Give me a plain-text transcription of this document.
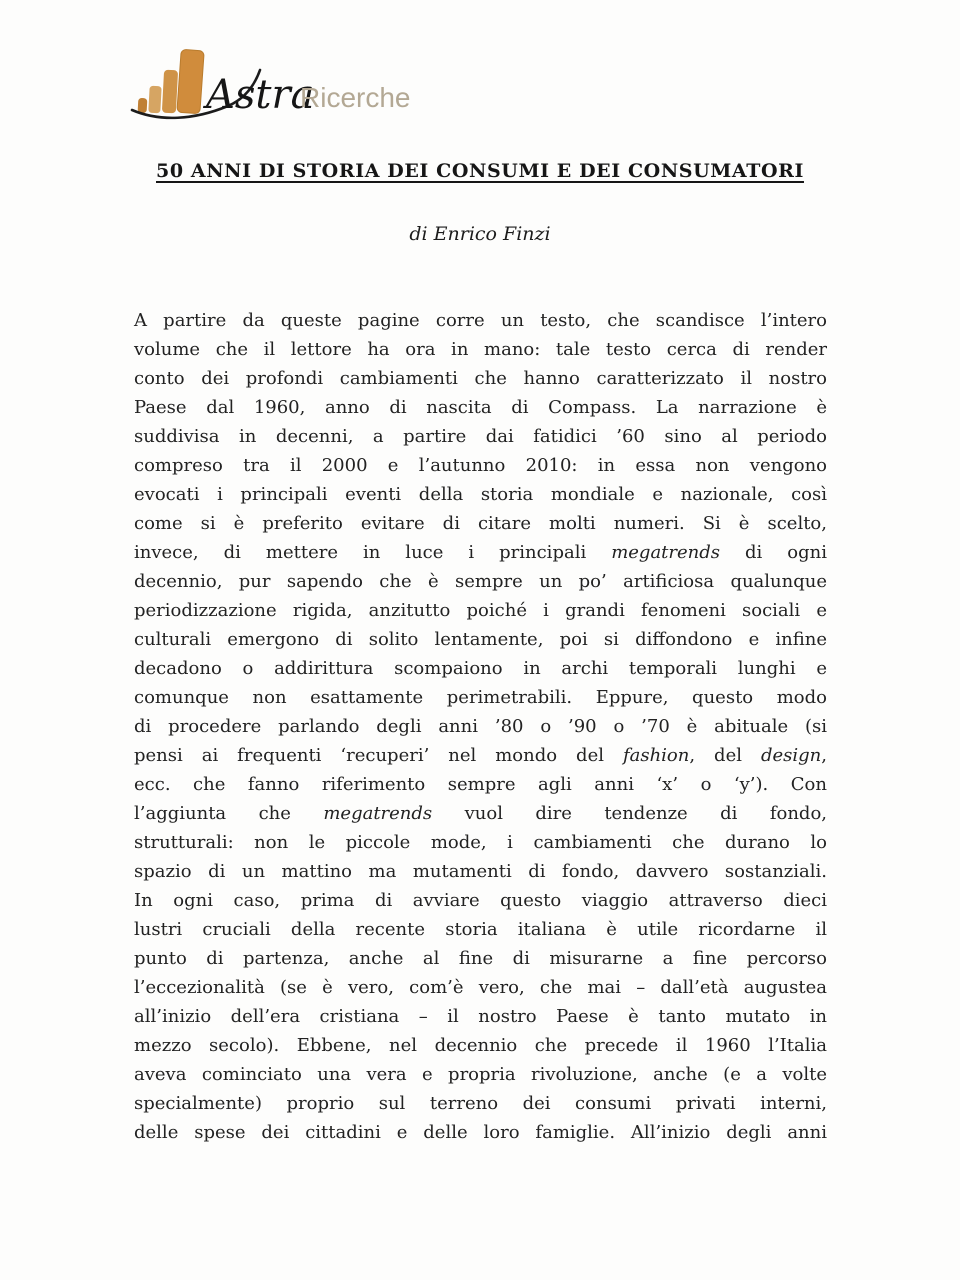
Astra
Ricerche
50 ANNI DI STORIA DEI CONSUMI E DEI CONSUMATORI
di Enrico Finzi
A partire da queste pagine corre un testo, che scandisce l’intero
volume che il lettore ha ora in mano: tale testo cerca di render
conto dei profondi cambiamenti che hanno caratterizzato il nostro
Paese dal 1960, anno di nascita di Compass. La narrazione è
suddivisa in decenni, a partire dai fatidici ’60 sino al periodo
compreso tra il 2000 e l’autunno 2010: in essa non vengono
evocati i principali eventi della storia mondiale e nazionale, così
come si è preferito evitare di citare molti numeri. Si è scelto,
invece, di mettere in luce i principali megatrends di ogni
decennio, pur sapendo che è sempre un po’ artificiosa qualunque
periodizzazione rigida, anzitutto poiché i grandi fenomeni sociali e
culturali emergono di solito lentamente, poi si diffondono e infine
decadono o addirittura scompaiono in archi temporali lunghi e
comunque non esattamente perimetrabili. Eppure, questo modo
di procedere parlando degli anni ’80 o ’90 o ’70 è abituale (si
pensi ai frequenti ‘recuperi’ nel mondo del fashion, del design,
ecc. che fanno riferimento sempre agli anni ‘x’ o ‘y’). Con
l’aggiunta che megatrends vuol dire tendenze di fondo,
strutturali: non le piccole mode, i cambiamenti che durano lo
spazio di un mattino ma mutamenti di fondo, davvero sostanziali.
In ogni caso, prima di avviare questo viaggio attraverso dieci
lustri cruciali della recente storia italiana è utile ricordarne il
punto di partenza, anche al fine di misurarne a fine percorso
l’eccezionalità (se è vero, com’è vero, che mai – dall’età augustea
all’inizio dell’era cristiana – il nostro Paese è tanto mutato in
mezzo secolo). Ebbene, nel decennio che precede il 1960 l’Italia
aveva cominciato una vera e propria rivoluzione, anche (e a volte
specialmente) proprio sul terreno dei consumi privati interni,
delle spese dei cittadini e delle loro famiglie. All’inizio degli anni
